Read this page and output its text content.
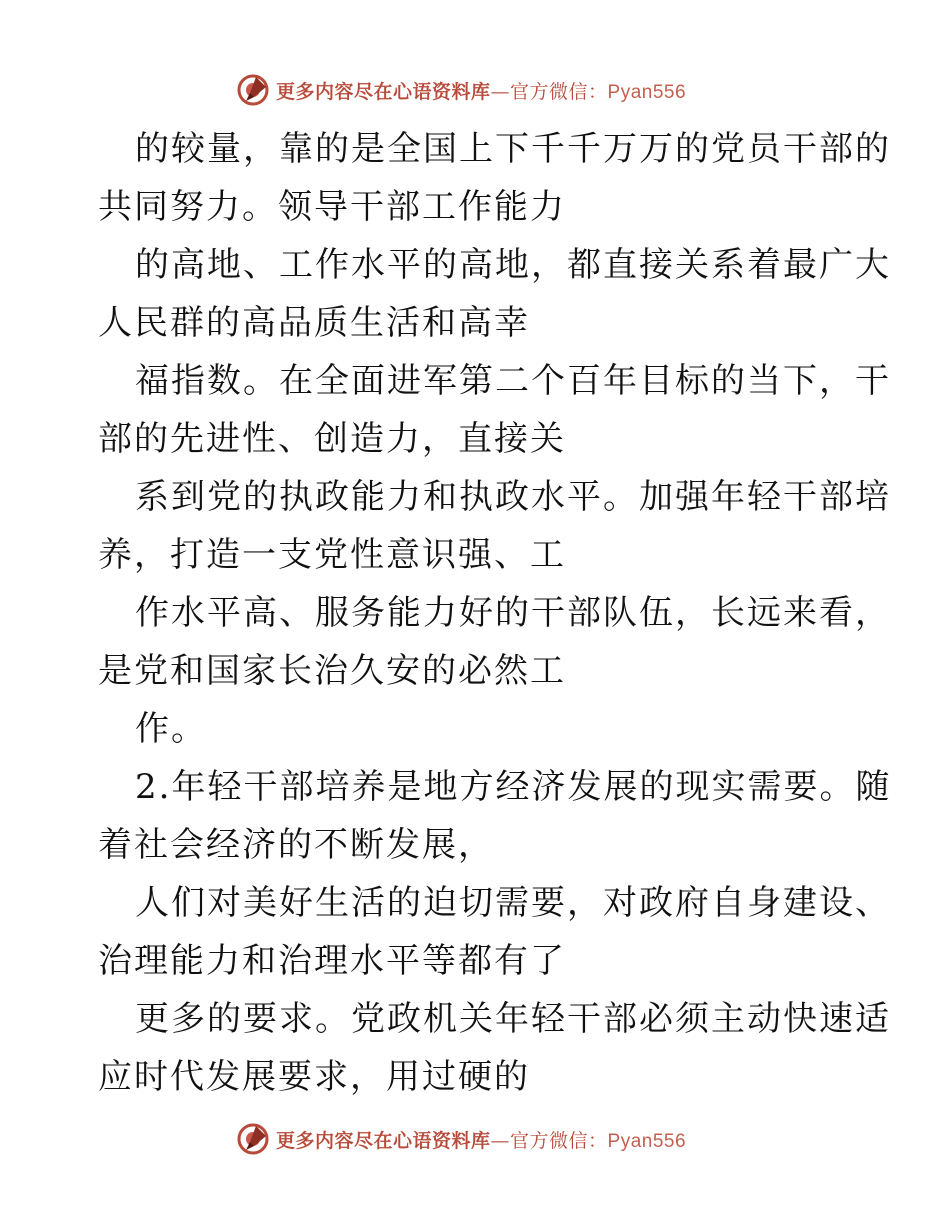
更多内容尽在心语资料库—官方微信：Pyan556
的较量，靠的是全国上下千千万万的党员干部的
共同努力。领导干部工作能力
的高地、工作水平的高地，都直接关系着最广大
人民群的高品质生活和高幸
福指数。在全面进军第二个百年目标的当下，干
部的先进性、创造力，直接关
系到党的执政能力和执政水平。加强年轻干部培
养，打造一支党性意识强、工
作水平高、服务能力好的干部队伍，长远来看，
是党和国家长治久安的必然工
作。
2.年轻干部培养是地方经济发展的现实需要。随
着社会经济的不断发展，
人们对美好生活的迫切需要，对政府自身建设、
治理能力和治理水平等都有了
更多的要求。党政机关年轻干部必须主动快速适
应时代发展要求，用过硬的
更多内容尽在心语资料库—官方微信：Pyan556
